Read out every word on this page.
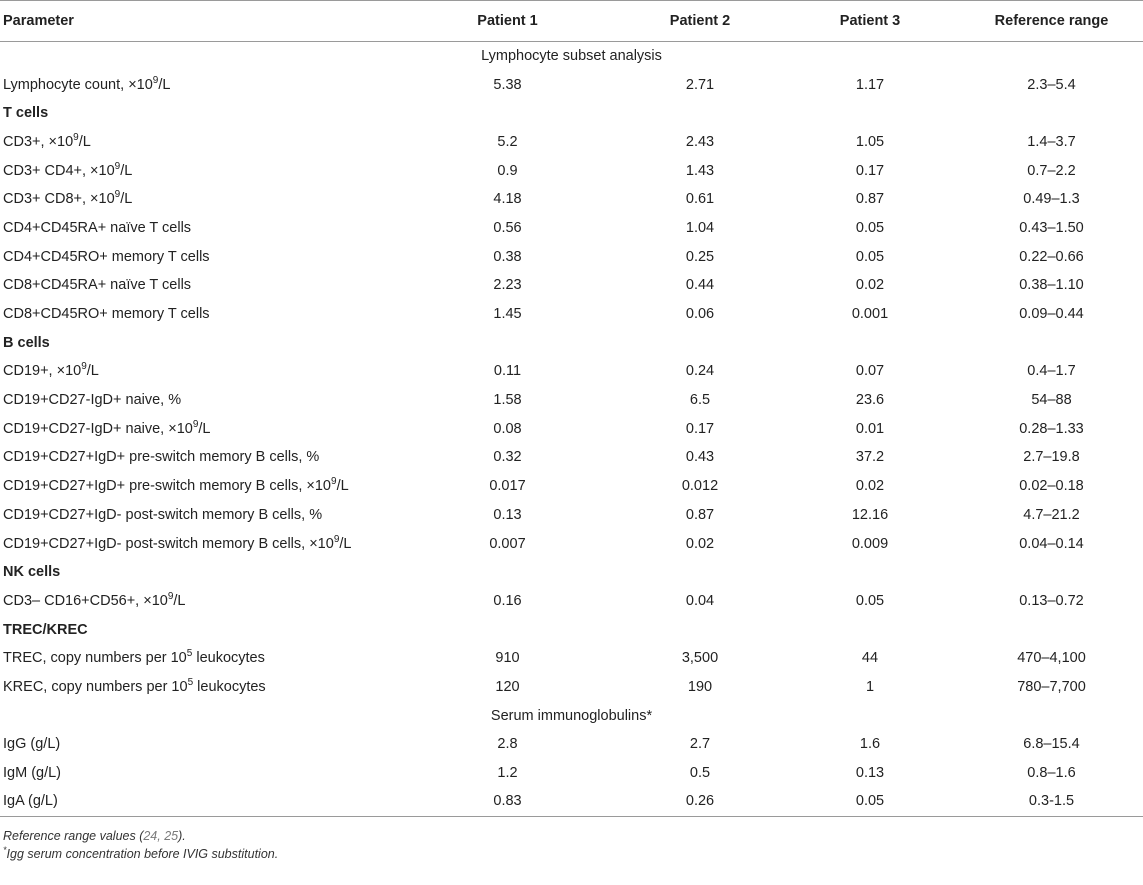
Parameter	Patient 1	Patient 2	Patient 3	Reference range
Lymphocyte subset analysis				
Lymphocyte count, $\times 10^9/L$	5.38	2.71	1.17	2.3–5.4
T cells				
CD3+, $\times 10^9/L$	5.2	2.43	1.05	1.4–3.7
CD3+ CD4+, $\times 10^9/L$	0.9	1.43	0.17	0.7–2.2
CD3+ CD8+, $\times 10^9/L$	4.18	0.61	0.87	0.49–1.3
CD4+CD45RA+ naïve T cells	0.56	1.04	0.05	0.43–1.50
CD4+CD45RO+ memory T cells	0.38	0.25	0.05	0.22–0.66
CD8+CD45RA+ naïve T cells	2.23	0.44	0.02	0.38–1.10
CD8+CD45RO+ memory T cells	1.45	0.06	0.001	0.09–0.44
B cells				
CD19+, $\times 10^9/L$	0.11	0.24	0.07	0.4–1.7
CD19+CD27-IgD+ naive, %	1.58	6.5	23.6	54–88
CD19+CD27-IgD+ naive, $\times 10^9/L$	0.08	0.17	0.01	0.28–1.33
CD19+CD27+IgD+ pre-switch memory B cells, %	0.32	0.43	37.2	2.7–19.8
CD19+CD27+IgD+ pre-switch memory B cells, $\times 10^9/L$	0.017	0.012	0.02	0.02–0.18
CD19+CD27+IgD- post-switch memory B cells, %	0.13	0.87	12.16	4.7–21.2
CD19+CD27+IgD- post-switch memory B cells, $\times 10^9/L$	0.007	0.02	0.009	0.04–0.14
NK cells				
CD3– CD16+CD56+, $\times 10^9/L$	0.16	0.04	0.05	0.13–0.72
TREC/KREC				
TREC, copy numbers per $10^5$ leukocytes	910	3,500	44	470–4,100
KREC, copy numbers per $10^5$ leukocytes	120	190	1	780–7,700
Serum immunoglobulins*				
IgG (g/L)	2.8	2.7	1.6	6.8–15.4
IgM (g/L)	1.2	0.5	0.13	0.8–1.6
IgA (g/L)	0.83	0.26	0.05	0.3-1.5
Reference range values (24, 25).
*Igg serum concentration before IVIG substitution.
